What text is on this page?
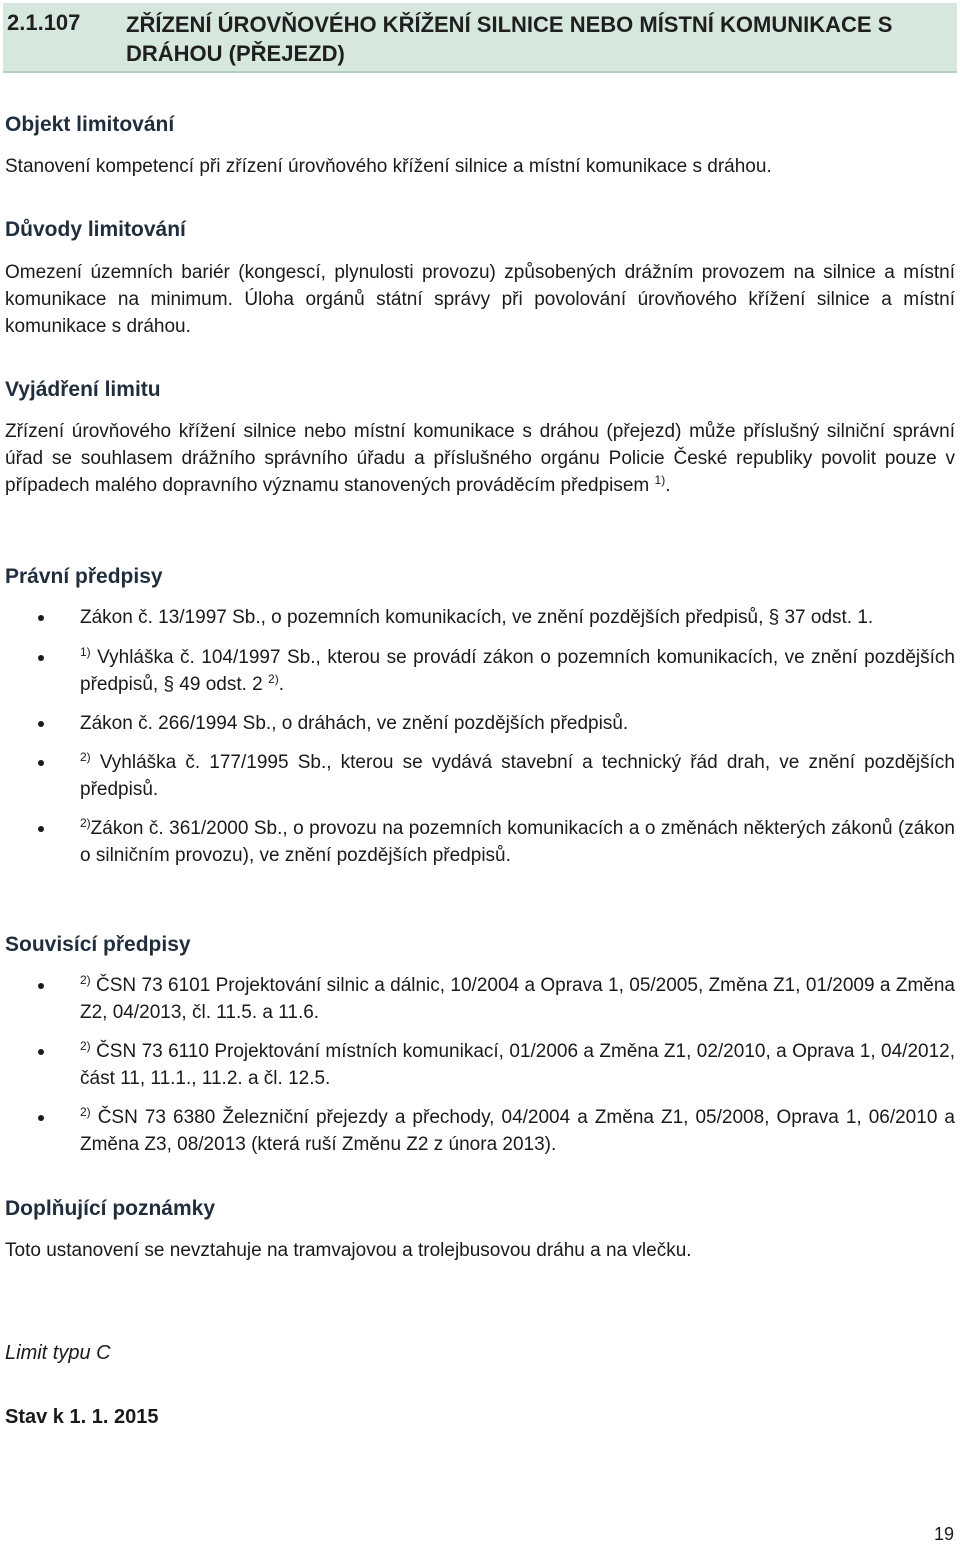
2.1.107 ZŘÍZENÍ ÚROVŇOVÉHO KŘÍŽENÍ SILNICE NEBO MÍSTNÍ KOMUNIKACE S DRÁHOU (PŘEJEZD)
Objekt limitování
Stanovení kompetencí při zřízení úrovňového křížení silnice a místní komunikace s dráhou.
Důvody limitování
Omezení územních bariér (kongescí, plynulosti provozu) způsobených drážním provozem na silnice a místní komunikace na minimum. Úloha orgánů státní správy při povolování úrovňového křížení silnice a místní komunikace s dráhou.
Vyjádření limitu
Zřízení úrovňového křížení silnice nebo místní komunikace s dráhou (přejezd) může příslušný silniční správní úřad se souhlasem drážního správního úřadu a příslušného orgánu Policie České republiky povolit pouze v případech malého dopravního významu stanovených prováděcím předpisem $^{1)}$.
Právní předpisy
Zákon č. 13/1997 Sb., o pozemních komunikacích, ve znění pozdějších předpisů, § 37 odst. 1.
$^{1)}$ Vyhláška č. 104/1997 Sb., kterou se provádí zákon o pozemních komunikacích, ve znění pozdějších předpisů, § 49 odst. 2 $^{2)}$.
Zákon č. 266/1994 Sb., o dráhách, ve znění pozdějších předpisů.
$^{2)}$ Vyhláška č. 177/1995 Sb., kterou se vydává stavební a technický řád drah, ve znění pozdějších předpisů.
$^{2)}$Zákon č. 361/2000 Sb., o provozu na pozemních komunikacích a o změnách některých zákonů (zákon o silničním provozu), ve znění pozdějších předpisů.
Souvisící předpisy
$^{2)}$ ČSN 73 6101 Projektování silnic a dálnic, 10/2004 a Oprava 1, 05/2005, Změna Z1, 01/2009 a Změna Z2, 04/2013, čl. 11.5. a 11.6.
$^{2)}$ ČSN 73 6110 Projektování místních komunikací, 01/2006 a Změna Z1, 02/2010, a Oprava 1, 04/2012, část 11, 11.1., 11.2. a čl. 12.5.
$^{2)}$ ČSN 73 6380 Železniční přejezdy a přechody, 04/2004 a Změna Z1, 05/2008, Oprava 1, 06/2010 a Změna Z3, 08/2013 (která ruší Změnu Z2 z února 2013).
Doplňující poznámky
Toto ustanovení se nevztahuje na tramvajovou a trolejbusovou dráhu a na vlečku.
Limit typu C
Stav k 1. 1. 2015
19
